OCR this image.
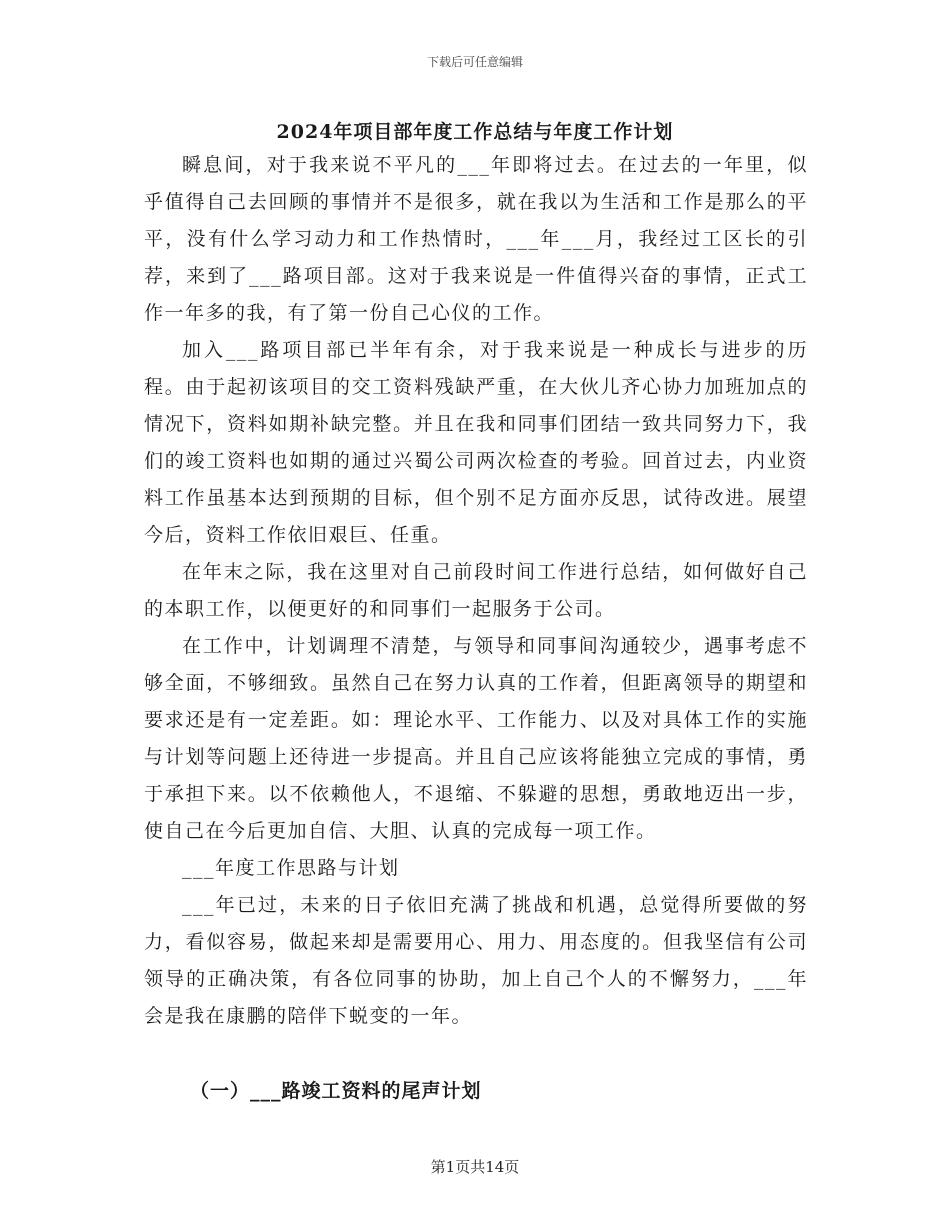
下载后可任意编辑
2024年项目部年度工作总结与年度工作计划

瞬息间，对于我来说不平凡的___年即将过去。在过去的一年里，似乎值得自己去回顾的事情并不是很多，就在我以为生活和工作是那么的平平，没有什么学习动力和工作热情时，___年___月，我经过工区长的引荐，来到了___路项目部。这对于我来说是一件值得兴奋的事情，正式工作一年多的我，有了第一份自己心仪的工作。

加入___路项目部已半年有余，对于我来说是一种成长与进步的历程。由于起初该项目的交工资料残缺严重，在大伙儿齐心协力加班加点的情况下，资料如期补缺完整。并且在我和同事们团结一致共同努力下，我们的竣工资料也如期的通过兴蜀公司两次检查的考验。回首过去，内业资料工作虽基本达到预期的目标，但个别不足方面亦反思，试待改进。展望今后，资料工作依旧艰巨、任重。

在年末之际，我在这里对自己前段时间工作进行总结，如何做好自己的本职工作，以便更好的和同事们一起服务于公司。

在工作中，计划调理不清楚，与领导和同事间沟通较少，遇事考虑不够全面，不够细致。虽然自己在努力认真的工作着，但距离领导的期望和要求还是有一定差距。如：理论水平、工作能力、以及对具体工作的实施与计划等问题上还待进一步提高。并且自己应该将能独立完成的事情，勇于承担下来。以不依赖他人，不退缩、不躲避的思想，勇敢地迈出一步，使自己在今后更加自信、大胆、认真的完成每一项工作。

___年度工作思路与计划

___年已过，未来的日子依旧充满了挑战和机遇，总觉得所要做的努力，看似容易，做起来却是需要用心、用力、用态度的。但我坚信有公司领导的正确决策，有各位同事的协助，加上自己个人的不懈努力，___年会是我在康鹏的陪伴下蜕变的一年。

（一）___路竣工资料的尾声计划
第1页共14页
